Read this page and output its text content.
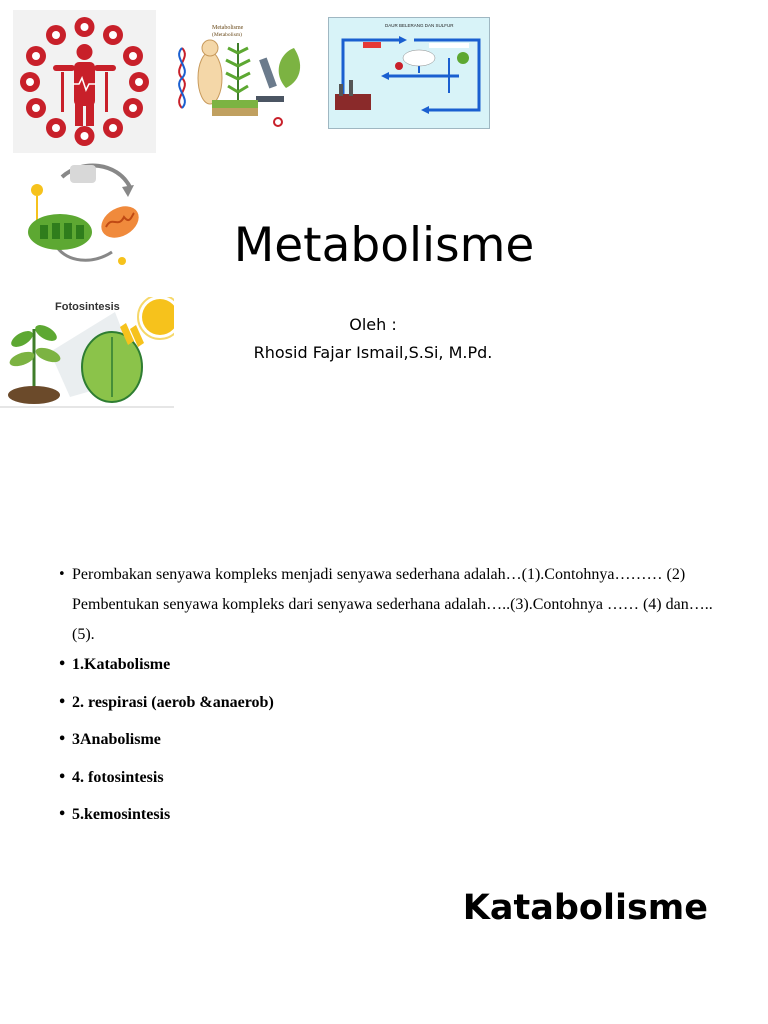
Metabolisme
(Metabolism)
DAUR BELERANG DAN SULFUR
Metabolisme
Oleh :
Rhosid Fajar Ismail,S.Si, M.Pd.
Fotosintesis
• Perombakan senyawa kompleks menjadi senyawa sederhana adalah…(1).Contohnya……… (2) Pembentukan senyawa kompleks dari senyawa sederhana adalah…..(3).Contohnya …… (4) dan…..(5).
• 1.Katabolisme
• 2. respirasi (aerob &anaerob)
• 3Anabolisme
• 4. fotosintesis
• 5.kemosintesis
Katabolisme
